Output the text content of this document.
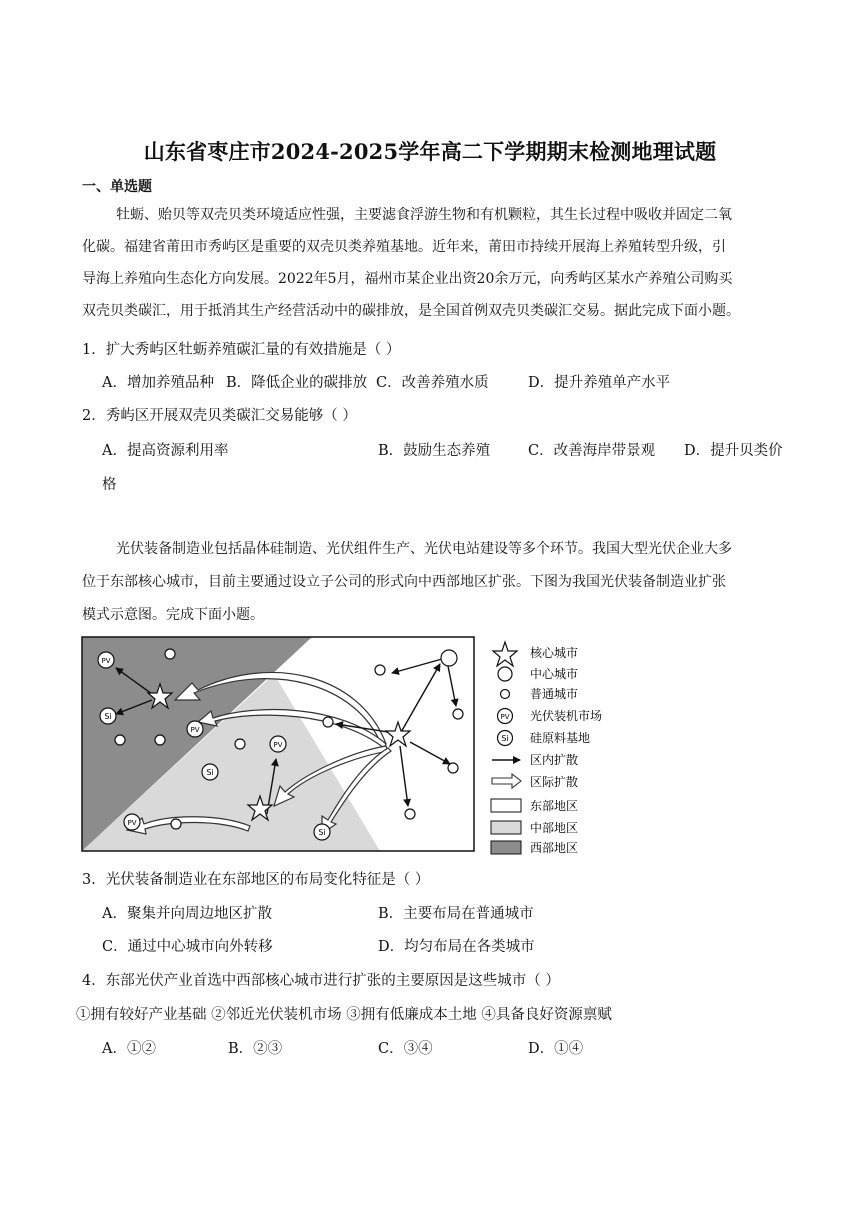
山东省枣庄市2024-2025学年高二下学期期末检测地理试题
一、单选题
牡蛎、贻贝等双壳贝类环境适应性强，主要滤食浮游生物和有机颗粒，其生长过程中吸收并固定二氧
化碳。福建省莆田市秀屿区是重要的双壳贝类养殖基地。近年来，莆田市持续开展海上养殖转型升级，引
导海上养殖向生态化方向发展。2022年5月，福州市某企业出资20余万元，向秀屿区某水产养殖公司购买
双壳贝类碳汇，用于抵消其生产经营活动中的碳排放，是全国首例双壳贝类碳汇交易。据此完成下面小题。
1．扩大秀屿区牡蛎养殖碳汇量的有效措施是（ ）
A．增加养殖品种 B．降低企业的碳排放 C．改善养殖水质	D．提升养殖单产水平
2．秀屿区开展双壳贝类碳汇交易能够（ ）
A．提高资源利用率	B．鼓励生态养殖	C．改善海岸带景观 D．提升贝类价
格
光伏装备制造业包括晶体硅制造、光伏组件生产、光伏电站建设等多个环节。我国大型光伏企业大多
位于东部核心城市，目前主要通过设立子公司的形式向中西部地区扩张。下图为我国光伏装备制造业扩张
模式示意图。完成下面小题。
PV
PV
PV
PV
Si
Si
Si
核心城市
中心城市
普通城市
PV 光伏装机市场
Si 硅原料基地
区内扩散
区际扩散
东部地区
中部地区
西部地区
3．光伏装备制造业在东部地区的布局变化特征是（ ）
A．聚集并向周边地区扩散	B．主要布局在普通城市
C．通过中心城市向外转移	D．均匀布局在各类城市
4．东部光伏产业首选中西部核心城市进行扩张的主要原因是这些城市（ ）
①拥有较好产业基础 ②邻近光伏装机市场 ③拥有低廉成本土地 ④具备良好资源禀赋
A．①②	B．②③	C．③④	D．①④
